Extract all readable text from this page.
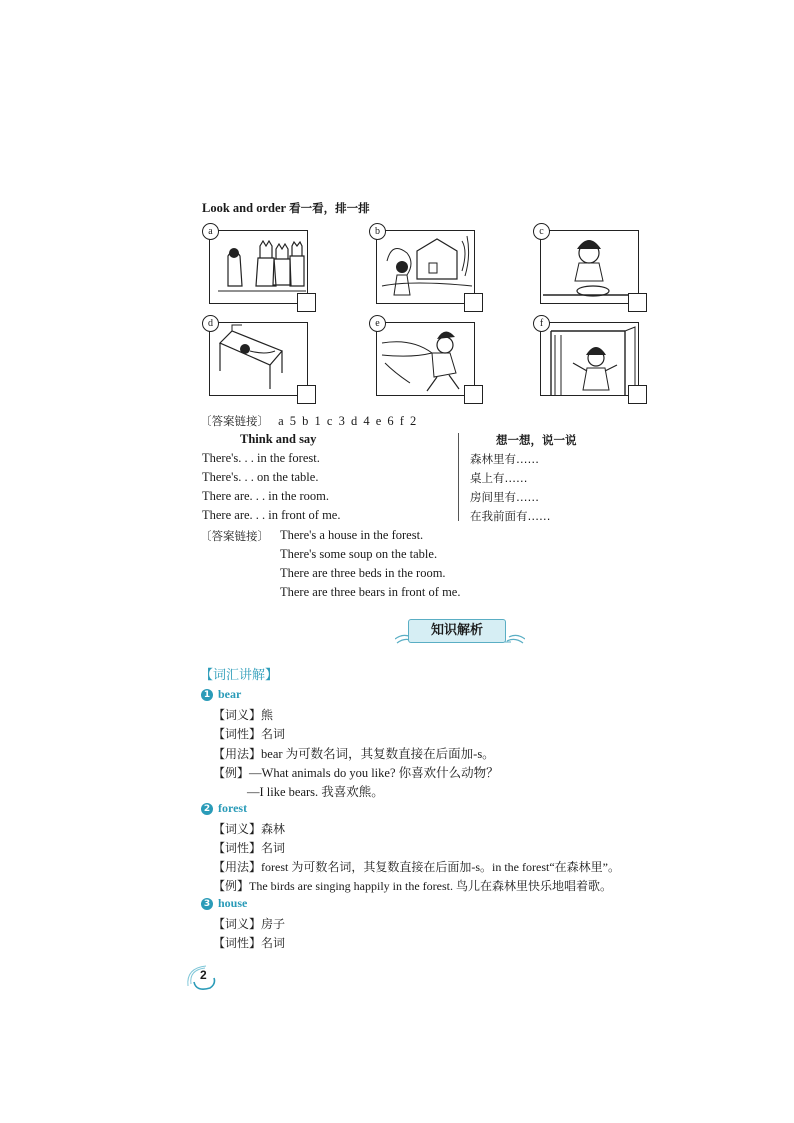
Look and order 看一看，排一排
a	b	c
d	e	f
〔答案链接〕 a 5 b 1 c 3 d 4 e 6 f 2
Think and say	想一想，说一说
There's. . . in the forest.	森林里有……
There's. . . on the table.	桌上有……
There are. . . in the room.	房间里有……
There are. . . in front of me.	在我前面有……
〔答案链接〕 There's a house in the forest.
There's some soup on the table.
There are three beds in the room.
There are three bears in front of me.
知识解析
【词汇讲解】
1 bear
【词义】熊
【词性】名词
【用法】bear 为可数名词，其复数直接在后面加-s。
【例】—What animals do you like? 你喜欢什么动物？
—I like bears. 我喜欢熊。
2 forest
【词义】森林
【词性】名词
【用法】forest 为可数名词，其复数直接在后面加-s。in the forest“在森林里”。
【例】The birds are singing happily in the forest. 鸟儿在森林里快乐地唱着歌。
3 house
【词义】房子
【词性】名词
2
